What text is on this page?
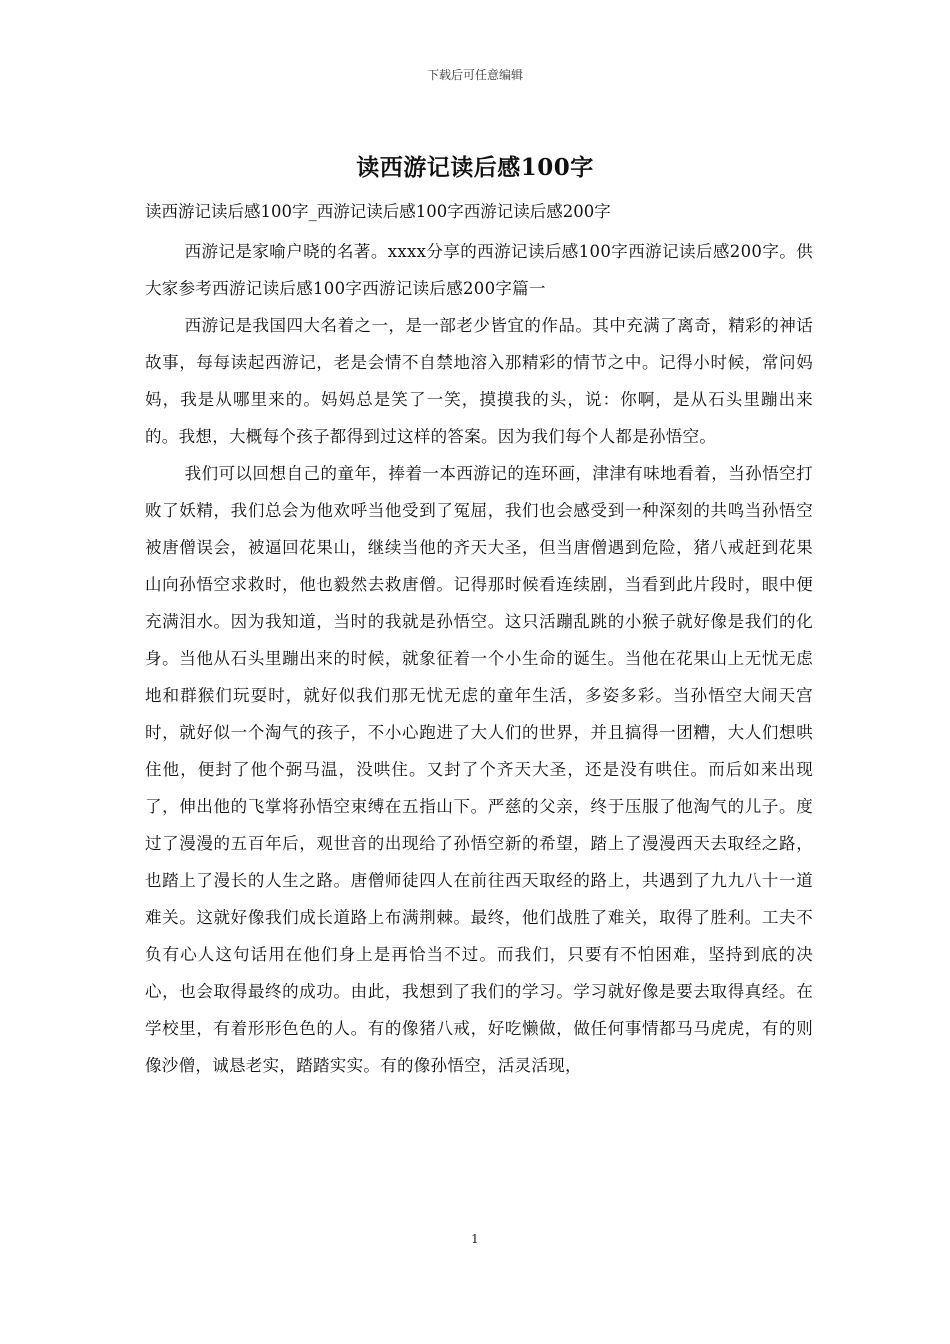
下载后可任意编辑
读西游记读后感100字
读西游记读后感100字_西游记读后感100字西游记读后感200字

西游记是家喻户晓的名著。xxxx分享的西游记读后感100字西游记读后感200字。供大家参考西游记读后感100字西游记读后感200字篇一

西游记是我国四大名着之一，是一部老少皆宜的作品。其中充满了离奇，精彩的神话故事，每每读起西游记，老是会情不自禁地溶入那精彩的情节之中。记得小时候，常问妈妈，我是从哪里来的。妈妈总是笑了一笑，摸摸我的头，说：你啊，是从石头里蹦出来的。我想，大概每个孩子都得到过这样的答案。因为我们每个人都是孙悟空。

我们可以回想自己的童年，捧着一本西游记的连环画，津津有味地看着，当孙悟空打败了妖精，我们总会为他欢呼当他受到了冤屈，我们也会感受到一种深刻的共鸣当孙悟空被唐僧误会，被逼回花果山，继续当他的齐天大圣，但当唐僧遇到危险，猪八戒赶到花果山向孙悟空求救时，他也毅然去救唐僧。记得那时候看连续剧，当看到此片段时，眼中便充满泪水。因为我知道，当时的我就是孙悟空。这只活蹦乱跳的小猴子就好像是我们的化身。当他从石头里蹦出来的时候，就象征着一个小生命的诞生。当他在花果山上无忧无虑地和群猴们玩耍时，就好似我们那无忧无虑的童年生活，多姿多彩。当孙悟空大闹天宫时，就好似一个淘气的孩子，不小心跑进了大人们的世界，并且搞得一团糟，大人们想哄住他，便封了他个弼马温，没哄住。又封了个齐天大圣，还是没有哄住。而后如来出现了，伸出他的飞掌将孙悟空束缚在五指山下。严慈的父亲，终于压服了他淘气的儿子。度过了漫漫的五百年后，观世音的出现给了孙悟空新的希望，踏上了漫漫西天去取经之路，也踏上了漫长的人生之路。唐僧师徒四人在前往西天取经的路上，共遇到了九九八十一道难关。这就好像我们成长道路上布满荆棘。最终，他们战胜了难关，取得了胜利。工夫不负有心人这句话用在他们身上是再恰当不过。而我们，只要有不怕困难，坚持到底的决心，也会取得最终的成功。由此，我想到了我们的学习。学习就好像是要去取得真经。在学校里，有着形形色色的人。有的像猪八戒，好吃懒做，做任何事情都马马虎虎，有的则像沙僧，诚恳老实，踏踏实实。有的像孙悟空，活灵活现，

1
